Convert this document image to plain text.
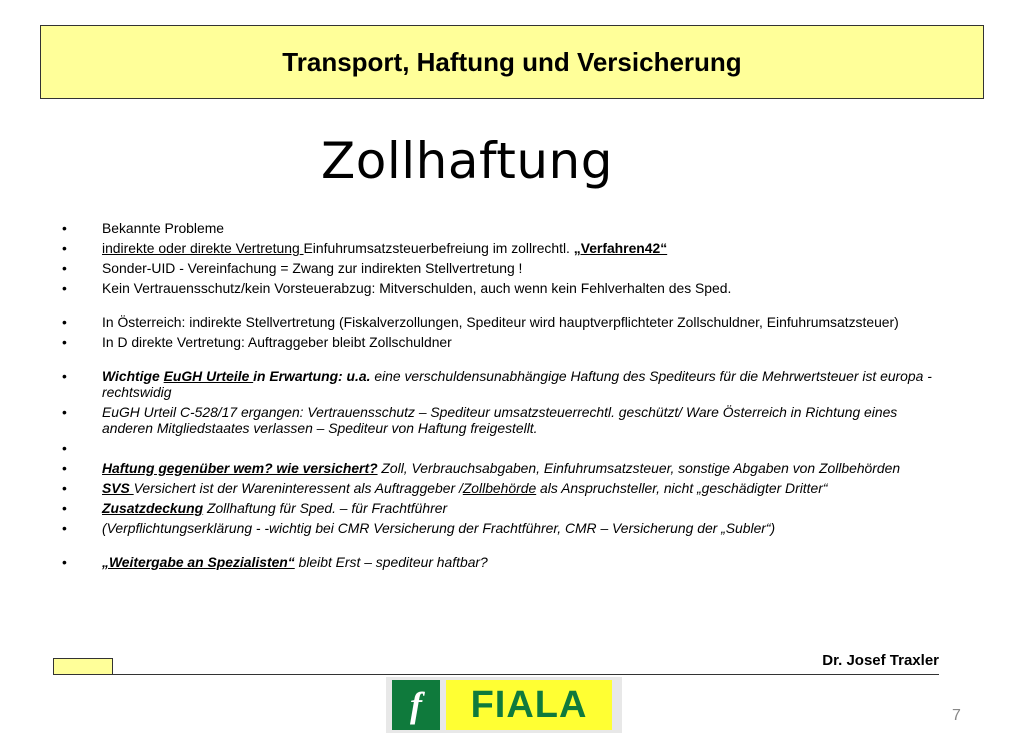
Transport, Haftung und Versicherung
Zollhaftung
•	Bekannte Probleme
•	indirekte oder direkte Vertretung Einfuhrumsatzsteuerbefreiung im zollrechtl. „Verfahren42“
•	Sonder-UID - Vereinfachung = Zwang zur indirekten Stellvertretung !
•	Kein Vertrauensschutz/kein Vorsteuerabzug: Mitverschulden, auch wenn kein Fehlverhalten des Sped.
•	In Österreich: indirekte Stellvertretung (Fiskalverzollungen, Spediteur wird hauptverpflichteter Zollschuldner, Einfuhrumsatzsteuer)
•	In D direkte Vertretung: Auftraggeber bleibt Zollschuldner
•	Wichtige EuGH Urteile in Erwartung: u.a. eine verschuldensunabhängige Haftung des Spediteurs für die Mehrwertsteuer ist europa - rechtswidig
•	EuGH Urteil C-528/17 ergangen: Vertrauensschutz – Spediteur umsatzsteuerrechtl. geschützt/ Ware Österreich in Richtung eines anderen Mitgliedstaates verlassen – Spediteur von Haftung freigestellt.
•

•	Haftung gegenüber wem? wie versichert? Zoll, Verbrauchsabgaben, Einfuhrumsatzsteuer, sonstige Abgaben von Zollbehörden
•	SVS Versichert ist der Wareninteressent als Auftraggeber /Zollbehörde als Anspruchsteller, nicht „geschädigter Dritter“
•	Zusatzdeckung Zollhaftung für Sped. – für Frachtführer
•	(Verpflichtungserklärung - -wichtig bei CMR Versicherung der Frachtführer, CMR – Versicherung der „Subler“)
•	„Weitergabe an Spezialisten“ bleibt Erst – spediteur haftbar?
Dr. Josef Traxler
f	FIALA	7
